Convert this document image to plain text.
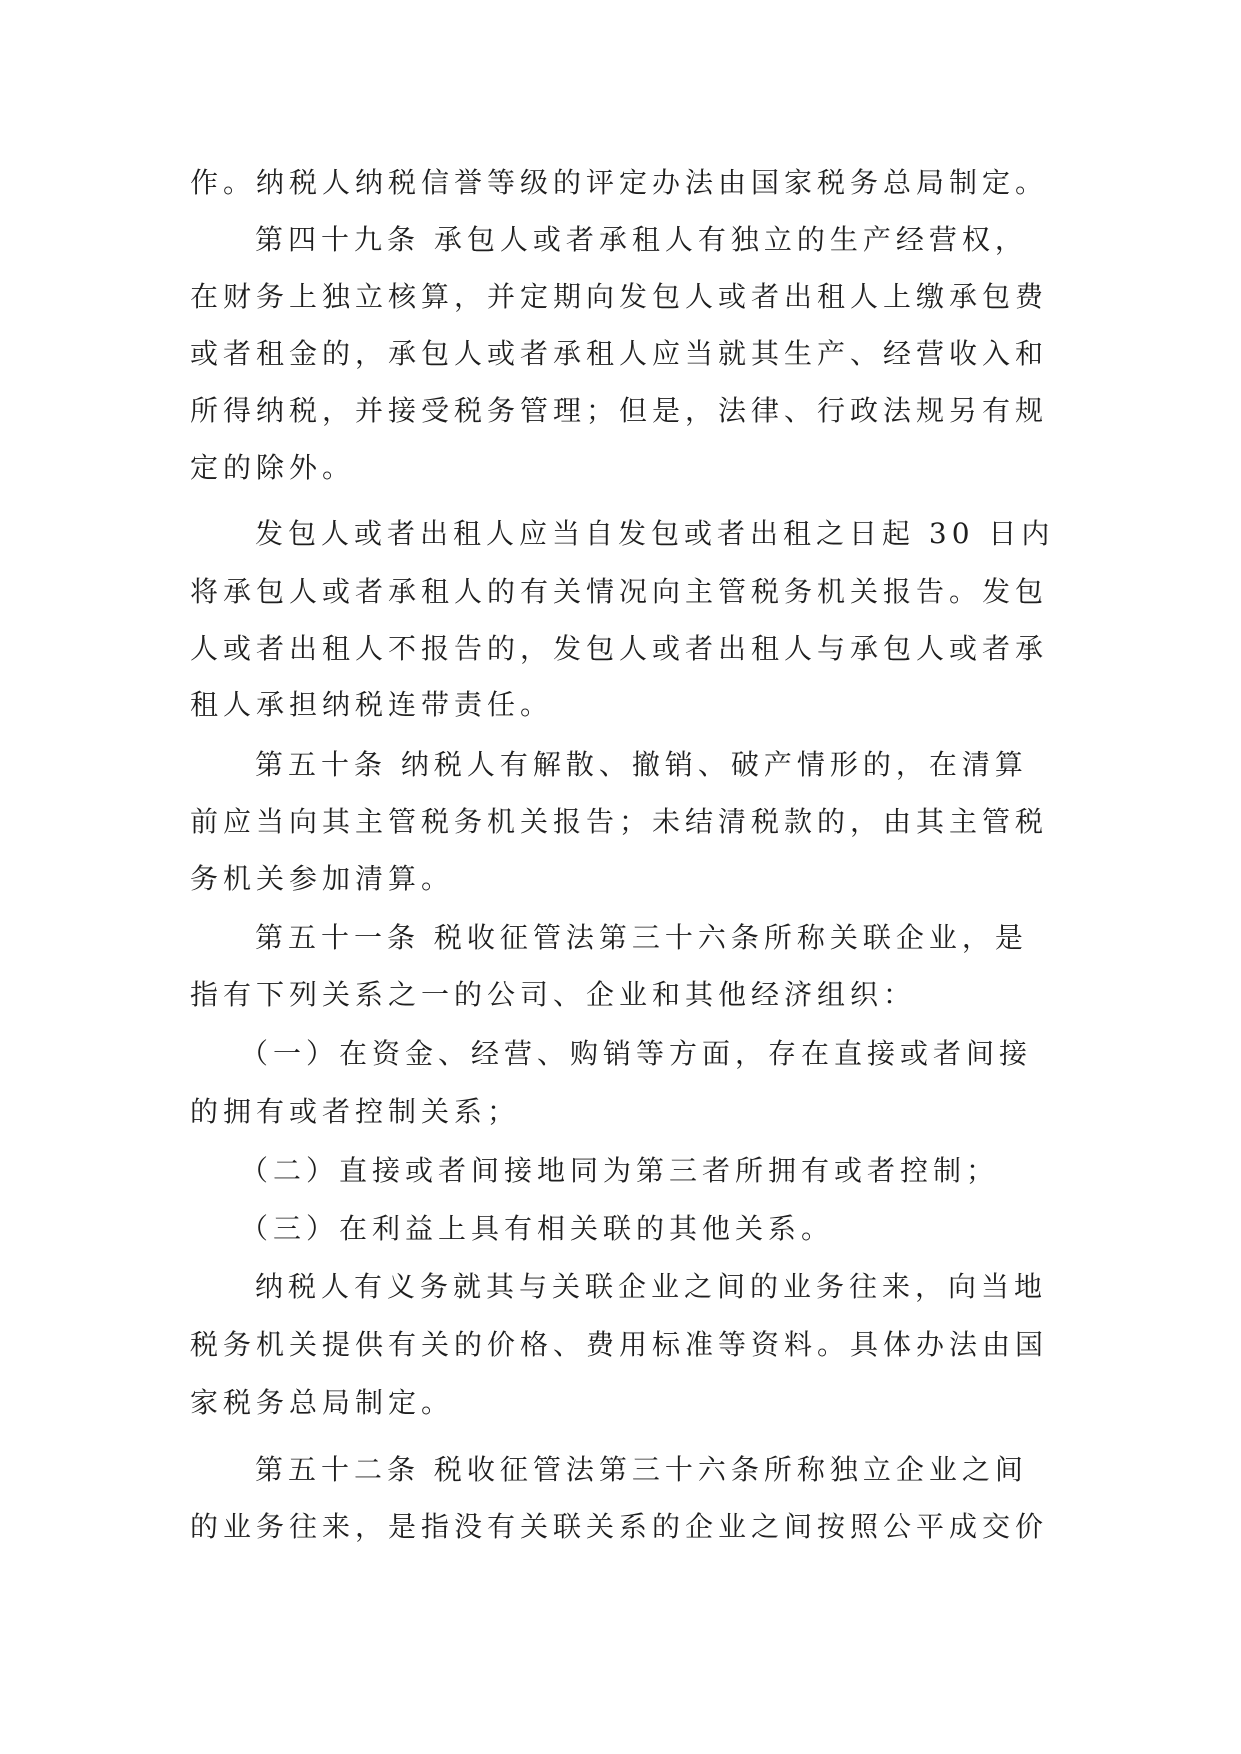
作。纳税人纳税信誉等级的评定办法由国家税务总局制定。
第四十九条 承包人或者承租人有独立的生产经营权，
在财务上独立核算，并定期向发包人或者出租人上缴承包费
或者租金的，承包人或者承租人应当就其生产、经营收入和
所得纳税，并接受税务管理；但是，法律、行政法规另有规
定的除外。
发包人或者出租人应当自发包或者出租之日起 30 日内
将承包人或者承租人的有关情况向主管税务机关报告。发包
人或者出租人不报告的，发包人或者出租人与承包人或者承
租人承担纳税连带责任。
第五十条 纳税人有解散、撤销、破产情形的，在清算
前应当向其主管税务机关报告；未结清税款的，由其主管税
务机关参加清算。
第五十一条 税收征管法第三十六条所称关联企业，是
指有下列关系之一的公司、企业和其他经济组织：
（一）在资金、经营、购销等方面，存在直接或者间接
的拥有或者控制关系；
（二）直接或者间接地同为第三者所拥有或者控制；
（三）在利益上具有相关联的其他关系。
纳税人有义务就其与关联企业之间的业务往来，向当地
税务机关提供有关的价格、费用标准等资料。具体办法由国
家税务总局制定。
第五十二条 税收征管法第三十六条所称独立企业之间
的业务往来，是指没有关联关系的企业之间按照公平成交价
